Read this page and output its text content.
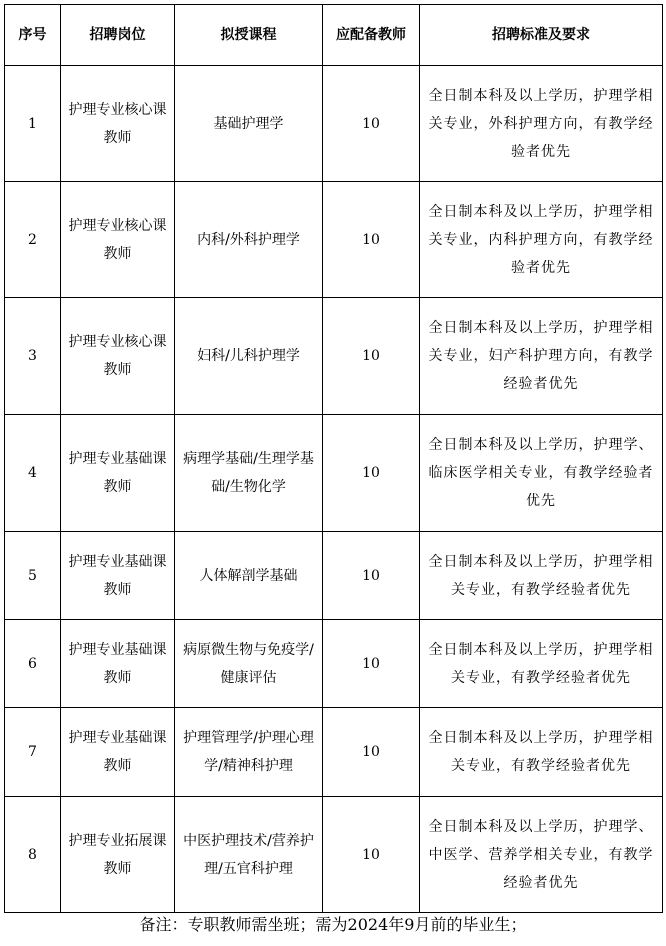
序号	招聘岗位	拟授课程	应配备教师	招聘标准及要求
1	护理专业核心课教师	基础护理学	10	全日制本科及以上学历，护理学相关专业，外科护理方向，有教学经验者优先
2	护理专业核心课教师	内科/外科护理学	10	全日制本科及以上学历，护理学相关专业，内科护理方向，有教学经验者优先
3	护理专业核心课教师	妇科/儿科护理学	10	全日制本科及以上学历，护理学相关专业，妇产科护理方向，有教学经验者优先
4	护理专业基础课教师	病理学基础/生理学基础/生物化学	10	全日制本科及以上学历，护理学、临床医学相关专业，有教学经验者优先
5	护理专业基础课教师	人体解剖学基础	10	全日制本科及以上学历，护理学相关专业，有教学经验者优先
6	护理专业基础课教师	病原微生物与免疫学/健康评估	10	全日制本科及以上学历，护理学相关专业，有教学经验者优先
7	护理专业基础课教师	护理管理学/护理心理学/精神科护理	10	全日制本科及以上学历，护理学相关专业，有教学经验者优先
8	护理专业拓展课教师	中医护理技术/营养护理/五官科护理	10	全日制本科及以上学历，护理学、中医学、营养学相关专业，有教学经验者优先
备注：专职教师需坐班；需为2024年9月前的毕业生；
